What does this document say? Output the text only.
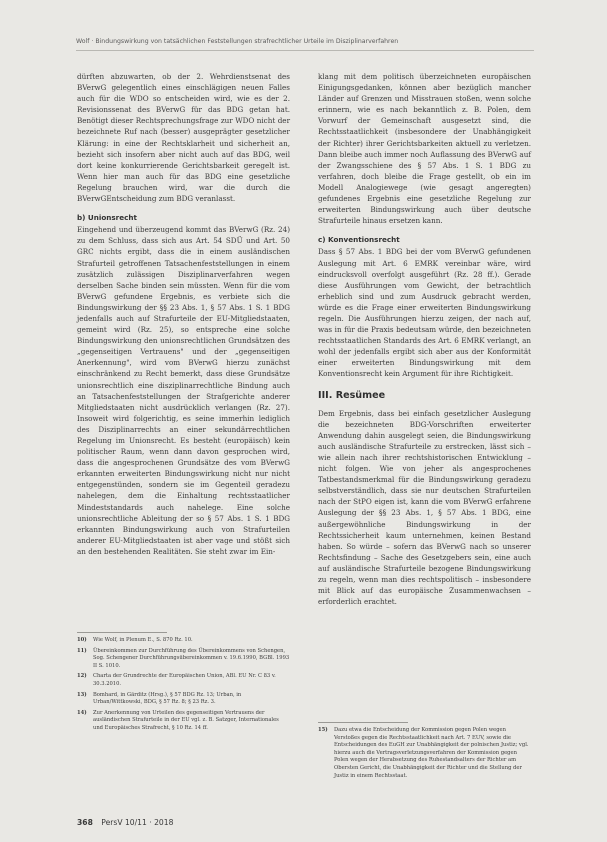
Wolf · Bindungswirkung von tatsächlichen Feststellungen strafrechtlicher Urteile im Disziplinarverfahren

dürften abzuwarten, ob der 2. Wehrdienstsenat des BVerwG gelegentlich eines einschlägigen neuen Falles auch für die WDO so entscheiden wird, wie es der 2. Revisionssenat des BVerwG für das BDG getan hat. Benötigt dieser Rechtsprechungsfrage zur WDO nicht der bezeichnete Ruf nach (besser) ausgeprägter gesetzlicher Klärung: in eine der Rechtsklarheit und sicherheit an, bezieht sich insofern aber nicht auch auf das BDG, weil dort keine konkurrierende Gerichtsbarkeit geregelt ist. Wenn hier man auch für das BDG eine gesetzliche Regelung brauchen wird, war die durch die BVerwGEntscheidung zum BDG veranlasst.

b) Unionsrecht

Eingehend und überzeugend kommt das BVerwG (Rz. 24) zu dem Schluss, dass sich aus Art. 54 SDÜ und Art. 50 GRC nichts ergibt, dass die in einem ausländischen Strafurteil getroffenen Tatsachenfeststellungen in einem zusätzlich zulässigen Disziplinarverfahren wegen derselben Sache binden sein müssten. Wenn für die vom BVerwG gefundene Ergebnis, es verbiete sich die Bindungswirkung der §§ 23 Abs. 1, § 57 Abs. 1 S. 1 BDG jedenfalls auch auf Strafurteile der EU-Mitgliedstaaten, gemeint wird (Rz. 25), so entspreche eine solche Bindungswirkung den unionsrechtlichen Grundsätzen des „gegenseitigen Vertrauens" und der „gegenseitigen Anerkennung", wird vom BVerwG hierzu zunächst einschränkend zu Recht bemerkt, dass diese Grundsätze unionsrechtlich eine disziplinarrechtliche Bindung auch an Tatsachenfeststellungen der Strafgerichte anderer Mitgliedstaaten nicht ausdrücklich verlangen (Rz. 27). Insoweit wird folgerichtig, es seine immerhin lediglich des Disziplinarrechts an einer sekundärrechtlichen Regelung im Unionsrecht. Es besteht (europäisch) kein politischer Raum, wenn dann davon gesprochen wird, dass die angesprochenen Grundsätze des vom BVerwG erkannten erweiterten Bindungswirkung nicht nur nicht entgegenstünden, sondern sie im Gegenteil geradezu nahelegen, dem die Einhaltung rechtsstaatlicher Mindeststandards auch nahelege. Eine solche unionsrechtliche Ableitung der so § 57 Abs. 1 S. 1 BDG erkannten Bindungswirkung auch von Strafurteilen anderer EU-Mitgliedstaaten ist aber vage und stößt sich an den bestehenden Realitäten. Sie steht zwar im Ein-

klang mit dem politisch überzeichneten europäischen Einigungsgedanken, können aber bezüglich mancher Länder auf Grenzen und Misstrauen stoßen, wenn solche erinnern, wie es nach bekanntlich z. B. Polen, dem Vorwurf der Gemeinschaft ausgesetzt sind, die Rechtsstaatlichkeit (insbesondere der Unabhängigkeit der Richter) ihrer Gerichtsbarkeiten aktuell zu verletzen. Dann bleibe auch immer noch Auflassung des BVerwG auf der Zwangsschiene des § 57 Abs. 1 S. 1 BDG zu verfahren, doch bleibe die Frage gestellt, ob ein im Modell Analogiewege (wie gesagt angeregten) gefundenes Ergebnis eine gesetzliche Regelung zur erweiterten Bindungswirkung auch über deutsche Strafurteile hinaus ersetzen kann.

c) Konventionsrecht

Dass § 57 Abs. 1 BDG bei der vom BVerwG gefundenen Auslegung mit Art. 6 EMRK vereinbar wäre, wird eindrucksvoll overfolgt ausgeführt (Rz. 28 ff.). Gerade diese Ausführungen vom Gewicht, der betrachtlich erheblich sind und zum Ausdruck gebracht werden, würde es die Frage einer erweiterten Bindungswirkung regeln. Die Ausführungen hierzu zeigen, der nach auf, was in für die Praxis bedeutsam würde, den bezeichneten rechtsstaatlichen Standards des Art. 6 EMRK verlangt, an wohl der jedenfalls ergibt sich aber aus der Konformität einer erweiterten Bindungswirkung mit dem Konventionsrecht kein Argument für ihre Richtigkeit.

III. Resümee

Dem Ergebnis, dass bei einfach gesetzlicher Auslegung die bezeichneten BDG-Vorschriften erweiterter Anwendung dahin ausgelegt seien, die Bindungswirkung auch ausländische Strafurteile zu erstrecken, lässt sich – wie allein nach ihrer rechtshistorischen Entwicklung – nicht folgen. Wie von jeher als angesprochenes Tatbestandsmerkmal für die Bindungswirkung geradezu selbstverständlich, dass sie nur deutschen Strafurteilen nach der StPO eigen ist, kann die vom BVerwG erfahrene Auslegung der §§ 23 Abs. 1, § 57 Abs. 1 BDG, eine außergewöhnliche Bindungswirkung in der Rechtssicherheit kaum unternehmen, keinen Bestand haben. So würde – sofern das BVerwG nach so unserer Rechtsfindung – Sache des Gesetzgebers sein, eine auch auf ausländische Strafurteile bezogene Bindungswirkung zu regeln, wenn man dies rechtspolitisch – insbesondere mit Blick auf das europäische Zusammenwachsen – erforderlich erachtet.

10)	Wie Wolf, in Plenum E., S. 870 Rz. 10.
11)	Übereinkommen zur Durchführung des Übereinkommens von Schengen, Sog. Schengener Durchführungsübereinkommen v. 19.6.1990, BGBl. 1993 II S. 1010.
12)	Charta der Grundrechte der Europäischen Union, ABl. EU Nr. C 83 v. 30.3.2010.
13)	Bomhard, in Gärditz (Hrsg.), § 57 BDG Rz. 13; Urban, in Urban/Wittkowski, BDG, § 57 Rz. 8; § 23 Rz. 3.
14)	Zur Anerkennung von Urteilen des gegenseitigen Vertrauens der ausländischen Strafurteile in der EU vgl. z. B. Satzger, Internationales und Europäisches Strafrecht, § 10 Rz. 14 ff.	15)	Dazu etwa die Entscheidung der Kommission gegen Polen wegen Verstoßes gegen die Rechtsstaatlichkeit nach Art. 7 EUV, sowie die Entscheidungen des EuGH zur Unabhängigkeit der polnischen Justiz; vgl. hierzu auch die Vertragsverletzungsverfahren der Kommission gegen Polen wegen der Herabsetzung des Ruhestandsalters der Richter am Obersten Gericht, die Unabhängigkeit der Richter und die Stellung der Justiz in einem Rechtsstaat.
368 PersV 10/11 · 2018
